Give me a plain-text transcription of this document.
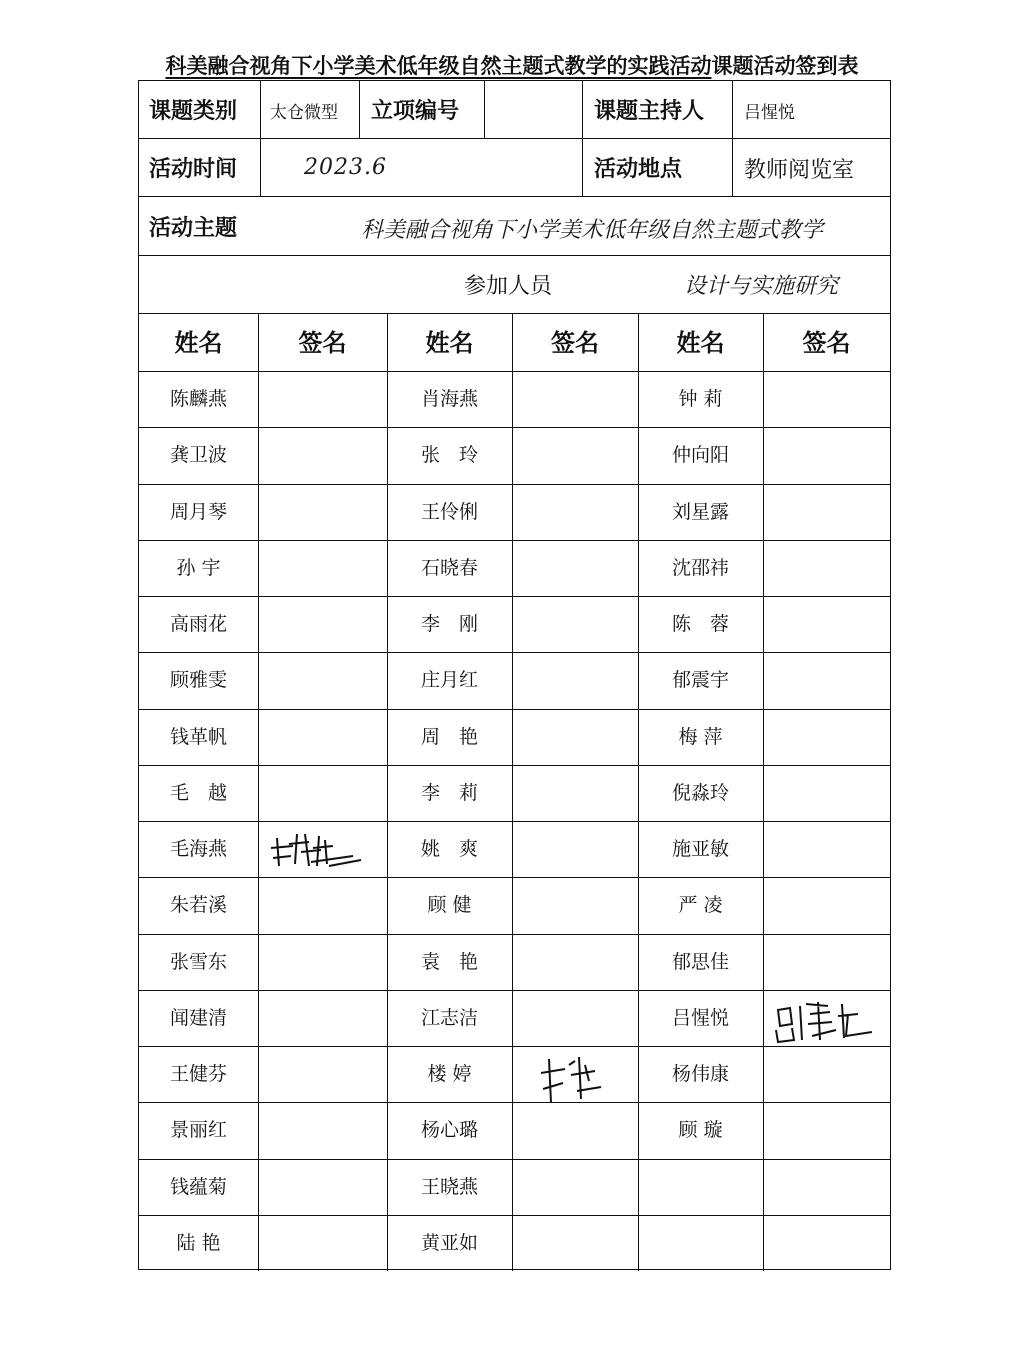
科美融合视角下小学美术低年级自然主题式教学的实践活动课题活动签到表
课题类别 太仓微型 立项编号	课题主持人 吕惺悦
活动时间	2023.6	活动地点	教师阅览室
活动主题	科美融合视角下小学美术低年级自然主题式教学
设计与实施研究
参加人员
姓名	签名	姓名	签名	姓名	签名
陈麟燕	肖海燕	钟 莉
龚卫波	张　玲	仲向阳
周月琴	王伶俐	刘星露
孙 宇	石晓春	沈邵祎
高雨花	李　刚	陈　蓉
顾雅雯	庄月红	郁震宇
钱革帆	周　艳	梅 萍
毛　越	李　莉	倪淼玲
毛海燕	姚　爽	施亚敏
朱若溪	顾 健	严 凌
张雪东	袁　艳	郁思佳
闻建清	江志洁	吕惺悦
王健芬	楼 婷	杨伟康
景丽红	杨心璐	顾 璇
钱蕴菊	王晓燕
陆 艳	黄亚如
